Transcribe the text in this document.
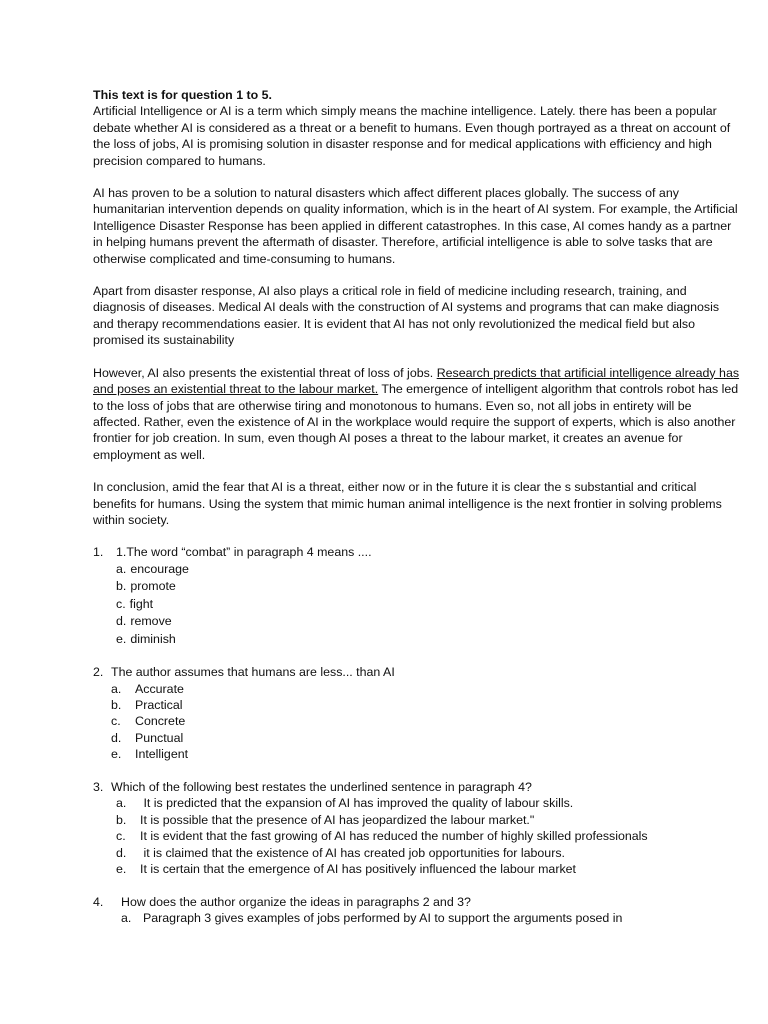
This text is for question 1 to 5.

Artificial Intelligence or AI is a term which simply means the machine intelligence. Lately. there has been a popular debate whether AI is considered as a threat or a benefit to humans. Even though portrayed as a threat on account of the loss of jobs, AI is promising solution in disaster response and for medical applications with efficiency and high precision compared to humans.

AI has proven to be a solution to natural disasters which affect different places globally. The success of any humanitarian intervention depends on quality information, which is in the heart of AI system. For example, the Artificial Intelligence Disaster Response has been applied in different catastrophes. In this case, AI comes handy as a partner in helping humans prevent the aftermath of disaster. Therefore, artificial intelligence is able to solve tasks that are otherwise complicated and time-consuming to humans.

Apart from disaster response, AI also plays a critical role in field of medicine including research, training, and diagnosis of diseases. Medical AI deals with the construction of AI systems and programs that can make diagnosis and therapy recommendations easier. It is evident that AI has not only revolutionized the medical field but also promised its sustainability

However, AI also presents the existential threat of loss of jobs. Research predicts that artificial intelligence already has and poses an existential threat to the labour market. The emergence of intelligent algorithm that controls robot has led to the loss of jobs that are otherwise tiring and monotonous to humans. Even so, not all jobs in entirety will be affected. Rather, even the existence of AI in the workplace would require the support of experts, which is also another frontier for job creation. In sum, even though AI poses a threat to the labour market, it creates an avenue for employment as well.

In conclusion, amid the fear that AI is a threat, either now or in the future it is clear the s substantial and critical benefits for humans. Using the system that mimic human animal intelligence is the next frontier in solving problems within society.

1.	1.The word “combat” in paragraph 4 means ....
a. encourage
b. promote
c. fight
d. remove
e. diminish
2. The author assumes that humans are less... than AI
a.	Accurate
b.	Practical
c.	Concrete
d.	Punctual
e.	Intelligent
3. Which of the following best restates the underlined sentence in paragraph 4?
a.	It is predicted that the expansion of AI has improved the quality of labour skills.
b.	It is possible that the presence of AI has jeopardized the labour market."
c.	It is evident that the fast growing of AI has reduced the number of highly skilled professionals
d.	it is claimed that the existence of AI has created job opportunities for labours.
e.	It is certain that the emergence of AI has positively influenced the labour market
4.	How does the author organize the ideas in paragraphs 2 and 3?
a. Paragraph 3 gives examples of jobs performed by AI to support the arguments posed in
